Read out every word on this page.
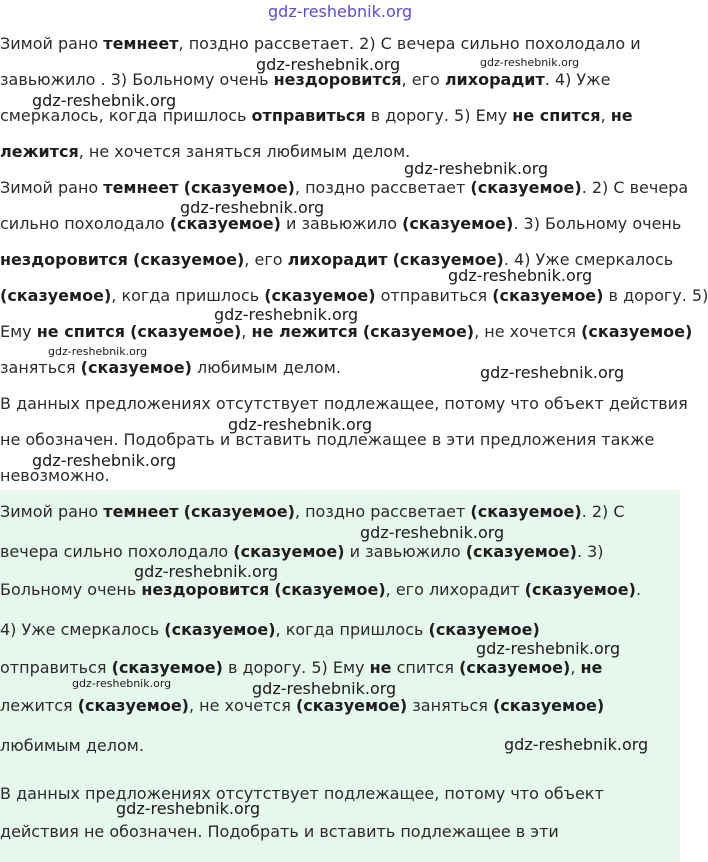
Зимой рано темнеет, поздно рассветает. 2) С вечера сильно похолодало и
завьюжило . 3) Больному очень нездоровится, его лихорадит. 4) Уже
смеркалось, когда пришлось отправиться в дорогу. 5) Ему не спится, не
лежится, не хочется заняться любимым делом.
Зимой рано темнеет (сказуемое), поздно рассветает (сказуемое). 2) С вечера
сильно похолодало (сказуемое) и завьюжило (сказуемое). 3) Больному очень
нездоровится (сказуемое), его лихорадит (сказуемое). 4) Уже смеркалось
(сказуемое), когда пришлось (сказуемое) отправиться (сказуемое) в дорогу. 5)
Ему не спится (сказуемое), не лежится (сказуемое), не хочется (сказуемое)
заняться (сказуемое) любимым делом.
В данных предложениях отсутствует подлежащее, потому что объект действия
не обозначен. Подобрать и вставить подлежащее в эти предложения также
невозможно.
Зимой рано темнеет (сказуемое), поздно рассветает (сказуемое). 2) С
вечера сильно похолодало (сказуемое) и завьюжило (сказуемое). 3)
Больному очень нездоровится (сказуемое), его лихорадит (сказуемое).
4) Уже смеркалось (сказуемое), когда пришлось (сказуемое)
отправиться (сказуемое) в дорогу. 5) Ему не спится (сказуемое), не
лежится (сказуемое), не хочется (сказуемое) заняться (сказуемое)
любимым делом.
В данных предложениях отсутствует подлежащее, потому что объект
действия не обозначен. Подобрать и вставить подлежащее в эти
gdz-reshebnik.org
gdz-reshebnik.org	gdz-reshebnik.org
gdz-reshebnik.org
gdz-reshebnik.org
gdz-reshebnik.org
gdz-reshebnik.org
gdz-reshebnik.org
gdz-reshebnik.org
gdz-reshebnik.org
gdz-reshebnik.org
gdz-reshebnik.org
gdz-reshebnik.org
gdz-reshebnik.org
gdz-reshebnik.org
gdz-reshebnik.org	gdz-reshebnik.org
gdz-reshebnik.org
gdz-reshebnik.org
